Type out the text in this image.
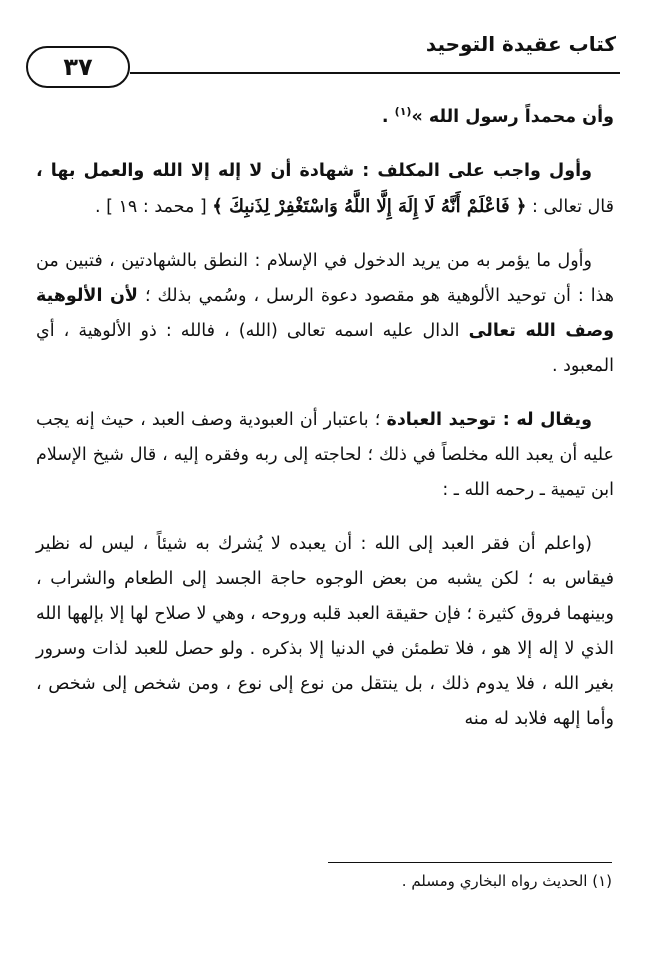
كتاب عقيدة التوحيد
٣٧

وأن محمداً رسول الله »$^{(١)}$ .

وأول واجب على المكلف : شهادة أن لا إله إلا الله والعمل بها ، قال تعالى : ﴿ فَاعْلَمْ أَنَّهُ لَا إِلَهَ إِلَّا اللَّهُ وَاسْتَغْفِرْ لِذَنبِكَ ﴾ [ محمد : ١٩ ] .

وأول ما يؤمر به من يريد الدخول في الإسلام : النطق بالشهادتين ، فتبين من هذا : أن توحيد الألوهية هو مقصود دعوة الرسل ، وسُمي بذلك ؛ لأن الألوهية وصف الله تعالى الدال عليه اسمه تعالى (الله) ، فالله : ذو الألوهية ، أي المعبود .

ويقال له : توحيد العبادة ؛ باعتبار أن العبودية وصف العبد ، حيث إنه يجب عليه أن يعبد الله مخلصاً في ذلك ؛ لحاجته إلى ربه وفقره إليه ، قال شيخ الإسلام ابن تيمية ـ رحمه الله ـ :

(واعلم أن فقر العبد إلى الله : أن يعبده لا يُشرك به شيئاً ، ليس له نظير فيقاس به ؛ لكن يشبه من بعض الوجوه حاجة الجسد إلى الطعام والشراب ، وبينهما فروق كثيرة ؛ فإن حقيقة العبد قلبه وروحه ، وهي لا صلاح لها إلا بإلهها الله الذي لا إله إلا هو ، فلا تطمئن في الدنيا إلا بذكره . ولو حصل للعبد لذات وسرور بغير الله ، فلا يدوم ذلك ، بل ينتقل من نوع إلى نوع ، ومن شخص إلى شخص ، وأما إلهه فلابد له منه

(١) الحديث رواه البخاري ومسلم .
